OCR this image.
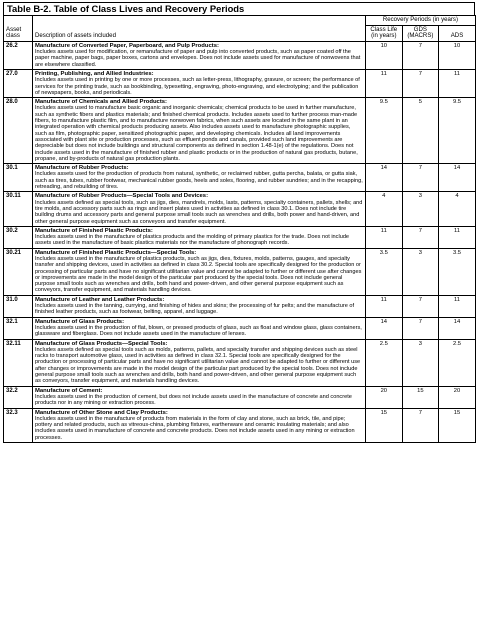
Table B-2. Table of Class Lives and Recovery Periods
Asset class	Description of assets included	Recovery Periods (in years)		
		Class Life (in years)	GDS (MACRS)	ADS
26.2	Manufacture of Converted Paper, Paperboard, and Pulp Products:
Includes assets used for modification, or remanufacture of paper and pulp into converted products, such as paper coated off the paper machine, paper bags, paper boxes, cartons and envelopes. Does not include assets used for manufacture of nonwovens that are elsewhere classified.	10	7	10
27.0	Printing, Publishing, and Allied Industries:
Includes assets used in printing by one or more processes, such as letter-press, lithography, gravure, or screen; the performance of services for the printing trade, such as bookbinding, typesetting, engraving, photo-engraving, and electrotyping; and the publication of newspapers, books, and periodicals.	11	7	11
28.0	Manufacture of Chemicals and Allied Products:
Includes assets used to manufacture basic organic and inorganic chemicals; chemical products to be used in further manufacture, such as synthetic fibers and plastics materials; and finished chemical products. Includes assets used to further process man-made fibers, to manufacture plastic film, and to manufacture nonwoven fabrics, when such assets are located in the same plant in an integrated operation with chemical products producing assets. Also includes assets used to manufacture photographic supplies, such as film, photographic paper, sensitized photographic paper, and developing chemicals. Includes all land improvements associated with plant site or production processes, such as effluent ponds and canals, provided such land improvements are depreciable but does not include buildings and structural components as defined in section 1.48-1(e) of the regulations. Does not include assets used in the manufacture of finished rubber and plastic products or in the production of natural gas products, butane, propane, and by-products of natural gas production plants.	9.5	5	9.5
30.1	Manufacture of Rubber Products:
Includes assets used for the production of products from natural, synthetic, or reclaimed rubber, gutta percha, balata, or gutta siak, such as tires, tubes, rubber footwear, mechanical rubber goods, heels and soles, flooring, and rubber sundries; and in the recapping, retreading, and rebuilding of tires.	14	7	14
30.11	Manufacture of Rubber Products—Special Tools and Devices:
Includes assets defined as special tools, such as jigs, dies, mandrels, molds, lasts, patterns, specialty containers, pallets, shells; and tire molds, and accessory parts such as rings and insert plates used in activities as defined in class 30.1. Does not include tire building drums and accessory parts and general purpose small tools such as wrenches and drills, both power and hand-driven, and other general purpose equipment such as conveyors and transfer equipment.	4	3	4
30.2	Manufacture of Finished Plastic Products:
Includes assets used in the manufacture of plastics products and the molding of primary plastics for the trade. Does not include assets used in the manufacture of basic plastics materials nor the manufacture of phonograph records.	11	7	11
30.21	Manufacture of Finished Plastic Products—Special Tools:
Includes assets used in the manufacture of plastics products, such as jigs, dies, fixtures, molds, patterns, gauges, and specialty transfer and shipping devices, used in activities as defined in class 30.2. Special tools are specifically designed for the production or processing of particular parts and have no significant utilitarian value and cannot be adapted to further or different use after changes or improvements are made in the model design of the particular part produced by the special tools. Does not include general purpose small tools such as wrenches and drills, both hand and power-driven, and other general purpose equipment such as conveyors, transfer equipment, and materials handling devices.	3.5	3	3.5
31.0	Manufacture of Leather and Leather Products:
Includes assets used in the tanning, currying, and finishing of hides and skins; the processing of fur pelts; and the manufacture of finished leather products, such as footwear, belting, apparel, and luggage.	11	7	11
32.1	Manufacture of Glass Products:
Includes assets used in the production of flat, blown, or pressed products of glass, such as float and window glass, glass containers, glassware and fiberglass. Does not include assets used in the manufacture of lenses.	14	7	14
32.11	Manufacture of Glass Products—Special Tools:
Includes assets defined as special tools such as molds, patterns, pallets, and specialty transfer and shipping devices such as steel racks to transport automotive glass, used in activities as defined in class 32.1. Special tools are specifically designed for the production or processing of particular parts and have no significant utilitarian value and cannot be adapted to further or different use after changes or improvements are made in the model design of the particular part produced by the special tools. Does not include general purpose small tools such as wrenches and drills, both hand and power-driven, and other general purpose equipment such as conveyors, transfer equipment, and materials handling devices.	2.5	3	2.5
32.2	Manufacture of Cement:
Includes assets used in the production of cement, but does not include assets used in the manufacture of concrete and concrete products nor in any mining or extraction process.	20	15	20
32.3	Manufacture of Other Stone and Clay Products:
Includes assets used in the manufacture of products from materials in the form of clay and stone, such as brick, tile, and pipe; pottery and related products, such as vitreous-china, plumbing fixtures, earthenware and ceramic insulating materials; and also includes assets used in manufacture of concrete and concrete products. Does not include assets used in any mining or extraction processes.	15	7	15
